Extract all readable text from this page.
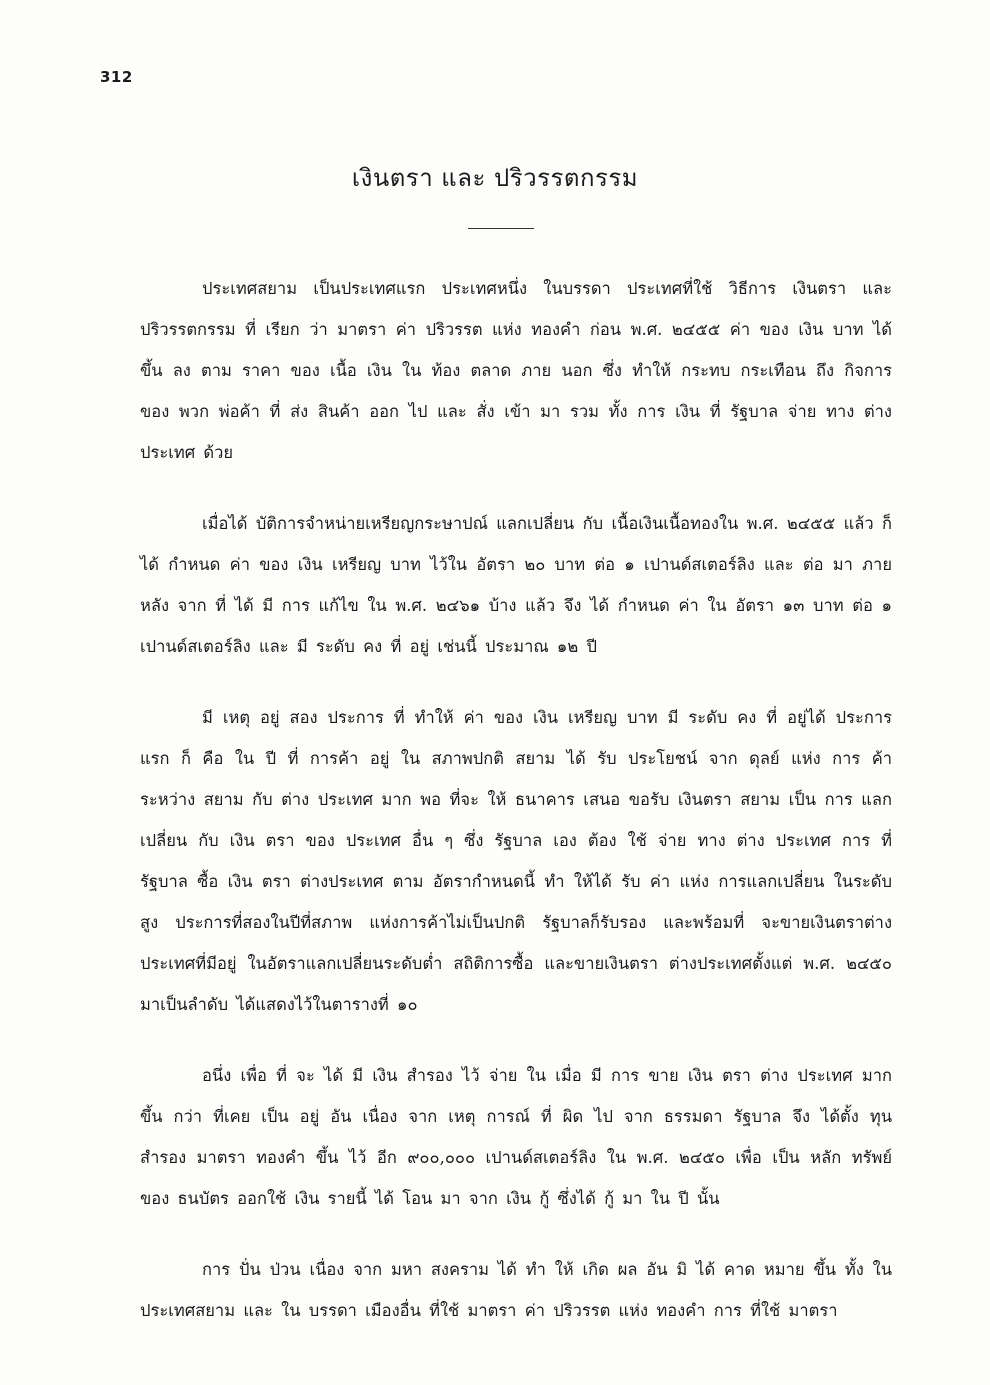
312
เงินตรา และ ปริวรรตกรรม

ประเทศสยาม เป็นประเทศแรก ประเทศหนึ่ง ในบรรดา ประเทศที่ใช้ วิธีการ เงินตรา และ ปริวรรตกรรม ที่ เรียก ว่า มาตรา ค่า ปริวรรต แห่ง ทองคำ ก่อน พ.ศ. ๒๔๕๕ ค่า ของ เงิน บาท ได้ ขึ้น ลง ตาม ราคา ของ เนื้อ เงิน ใน ท้อง ตลาด ภาย นอก ซึ่ง ทำให้ กระทบ กระเทือน ถึง กิจการ ของ พวก พ่อค้า ที่ ส่ง สินค้า ออก ไป และ สั่ง เข้า มา รวม ทั้ง การ เงิน ที่ รัฐบาล จ่าย ทาง ต่าง ประเทศ ด้วย

เมื่อได้ บัติการจำหน่ายเหรียญกระษาปณ์ แลกเปลี่ยน กับ เนื้อเงินเนื้อทองใน พ.ศ. ๒๔๕๕ แล้ว ก็ ได้ กำหนด ค่า ของ เงิน เหรียญ บาท ไว้ใน อัตรา ๒๐ บาท ต่อ ๑ เปานด์สเตอร์ลิง และ ต่อ มา ภาย หลัง จาก ที่ ได้ มี การ แก้ไข ใน พ.ศ. ๒๔๖๑ บ้าง แล้ว จึง ได้ กำหนด ค่า ใน อัตรา ๑๓ บาท ต่อ ๑ เปานด์สเตอร์ลิง และ มี ระดับ คง ที่ อยู่ เช่นนี้ ประมาณ ๑๒ ปี

มี เหตุ อยู่ สอง ประการ ที่ ทำให้ ค่า ของ เงิน เหรียญ บาท มี ระดับ คง ที่ อยู่ได้ ประการ แรก ก็ คือ ใน ปี ที่ การค้า อยู่ ใน สภาพปกติ สยาม ได้ รับ ประโยชน์ จาก ดุลย์ แห่ง การ ค้า ระหว่าง สยาม กับ ต่าง ประเทศ มาก พอ ที่จะ ให้ ธนาคาร เสนอ ขอรับ เงินตรา สยาม เป็น การ แลก เปลี่ยน กับ เงิน ตรา ของ ประเทศ อื่น ๆ ซึ่ง รัฐบาล เอง ต้อง ใช้ จ่าย ทาง ต่าง ประเทศ การ ที่ รัฐบาล ซื้อ เงิน ตรา ต่างประเทศ ตาม อัตรากำหนดนี้ ทำ ให้ได้ รับ ค่า แห่ง การแลกเปลี่ยน ในระดับสูง ประการที่สองในปีที่สภาพ แห่งการค้าไม่เป็นปกติ รัฐบาลก็รับรอง และพร้อมที่ จะขายเงินตราต่างประเทศที่มีอยู่ ในอัตราแลกเปลี่ยนระดับต่ำ สถิติการซื้อ และขายเงินตรา ต่างประเทศตั้งแต่ พ.ศ. ๒๔๕๐ มาเป็นลำดับ ได้แสดงไว้ในตารางที่ ๑๐

อนึ่ง เพื่อ ที่ จะ ได้ มี เงิน สำรอง ไว้ จ่าย ใน เมื่อ มี การ ขาย เงิน ตรา ต่าง ประเทศ มาก ขึ้น กว่า ที่เคย เป็น อยู่ อัน เนื่อง จาก เหตุ การณ์ ที่ ผิด ไป จาก ธรรมดา รัฐบาล จึง ได้ตั้ง ทุน สำรอง มาตรา ทองคำ ขึ้น ไว้ อีก ๙๐๐,๐๐๐ เปานด์สเตอร์ลิง ใน พ.ศ. ๒๔๕๐ เพื่อ เป็น หลัก ทรัพย์ ของ ธนบัตร ออกใช้ เงิน รายนี้ ได้ โอน มา จาก เงิน กู้ ซึ่งได้ กู้ มา ใน ปี นั้น

การ ปั่น ป่วน เนื่อง จาก มหา สงคราม ได้ ทำ ให้ เกิด ผล อัน มิ ได้ คาด หมาย ขึ้น ทั้ง ใน ประเทศสยาม และ ใน บรรดา เมืองอื่น ที่ใช้ มาตรา ค่า ปริวรรต แห่ง ทองคำ การ ที่ใช้ มาตรา
